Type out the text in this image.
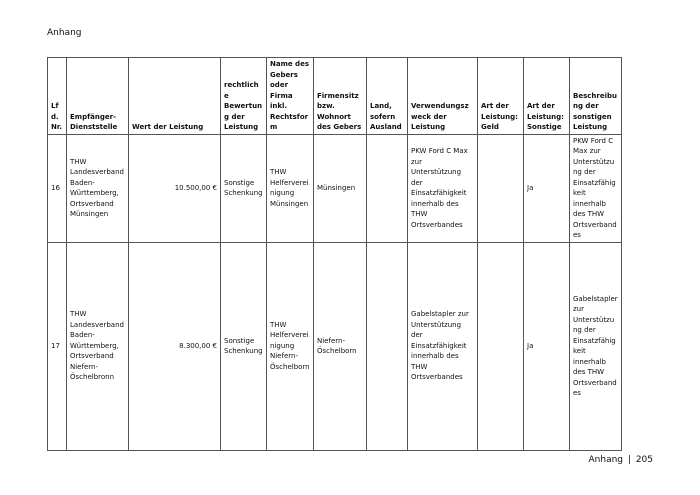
Anhang
Lfd. Nr.	Empfänger-Dienststelle	Wert der Leistung	rechtliche Bewertung der Leistung	Name des Gebers oder Firma inkl. Rechtsform	Firmensitz bzw. Wohnort des Gebers	Land, sofern Ausland	Verwendungszweck der Leistung	Art der Leistung: Geld	Art der Leistung: Sonstige	Beschreibung der sonstigen Leistung
16	THW Landesverband Baden-Württemberg, Ortsverband Münsingen	10.500,00 €	Sonstige Schenkung	THW Helfervereinigung Münsingen	Münsingen		PKW Ford C Max zur Unterstützung der Einsatzfähigkeit innerhalb des THW Ortsverbandes		Ja	PKW Ford C Max zur Unterstützung der Einsatzfähigkeit innerhalb des THW Ortsverbandes
17	THW Landesverband Baden-Württemberg, Ortsverband Niefern-Öschelbronn	8.300,00 €	Sonstige Schenkung	THW Helfervereinigung Niefern-Öschelborn	Niefern-Öschelborn		Gabelstapler zur Unterstützung der Einsatzfähigkeit innerhalb des THW Ortsverbandes		Ja	Gabelstapler zur Unterstützung der Einsatzfähigkeit innerhalb des THW Ortsverbandes
Anhang | 205
